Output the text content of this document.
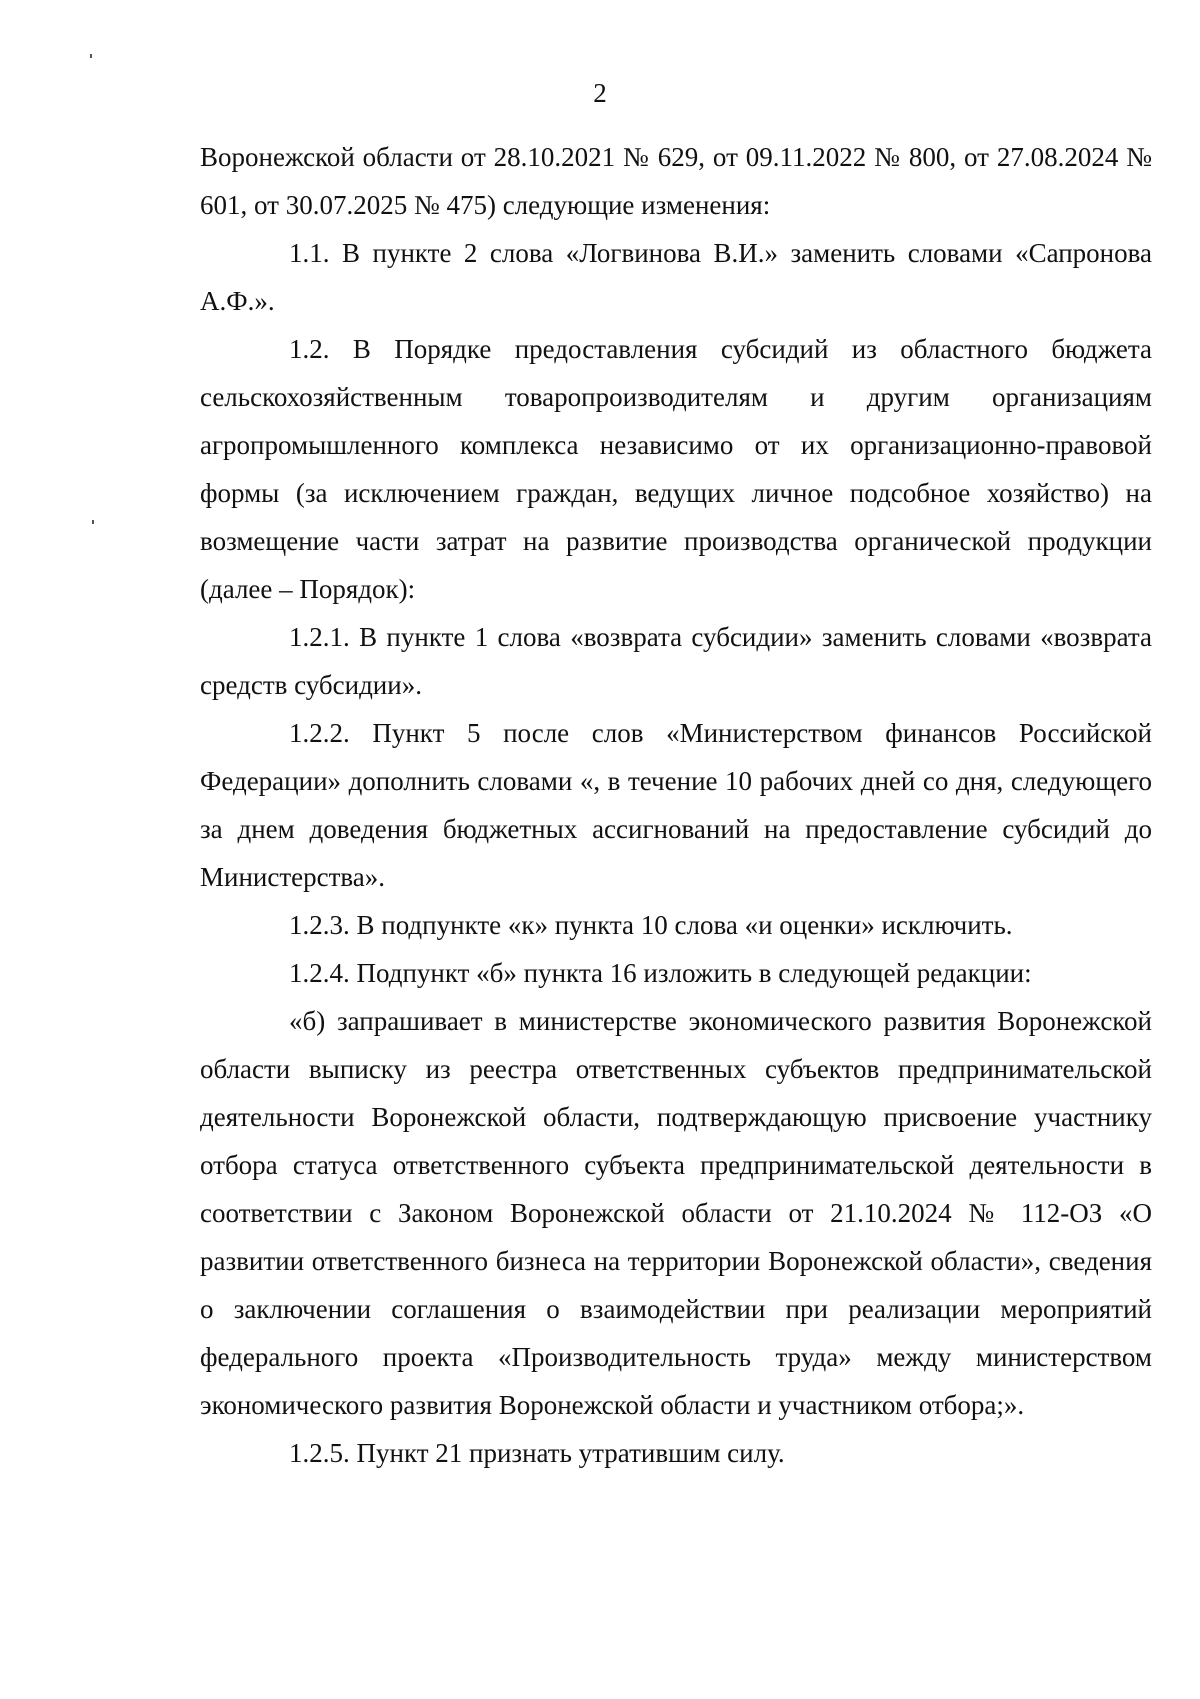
2

Воронежской области от 28.10.2021 № 629, от 09.11.2022 № 800, от 27.08.2024 № 601, от 30.07.2025 № 475) следующие изменения:

1.1. В пункте 2 слова «Логвинова В.И.» заменить словами «Сапронова А.Ф.».

1.2. В Порядке предоставления субсидий из областного бюджета сельскохозяйственным товаропроизводителям и другим организациям агропромышленного комплекса независимо от их организационно-правовой формы (за исключением граждан, ведущих личное подсобное хозяйство) на возмещение части затрат на развитие производства органической продукции (далее – Порядок):

1.2.1. В пункте 1 слова «возврата субсидии» заменить словами «возврата средств субсидии».

1.2.2. Пункт 5 после слов «Министерством финансов Российской Федерации» дополнить словами «, в течение 10 рабочих дней со дня, следующего за днем доведения бюджетных ассигнований на предоставление субсидий до Министерства».

1.2.3. В подпункте «к» пункта 10 слова «и оценки» исключить.

1.2.4. Подпункт «б» пункта 16 изложить в следующей редакции:

«б) запрашивает в министерстве экономического развития Воронежской области выписку из реестра ответственных субъектов предпринимательской деятельности Воронежской области, подтверждающую присвоение участнику отбора статуса ответственного субъекта предпринимательской деятельности в соответствии с Законом Воронежской области от 21.10.2024 № 112-ОЗ «О развитии ответственного бизнеса на территории Воронежской области», сведения о заключении соглашения о взаимодействии при реализации мероприятий федерального проекта «Производительность труда» между министерством экономического развития Воронежской области и участником отбора;».

1.2.5. Пункт 21 признать утратившим силу.
